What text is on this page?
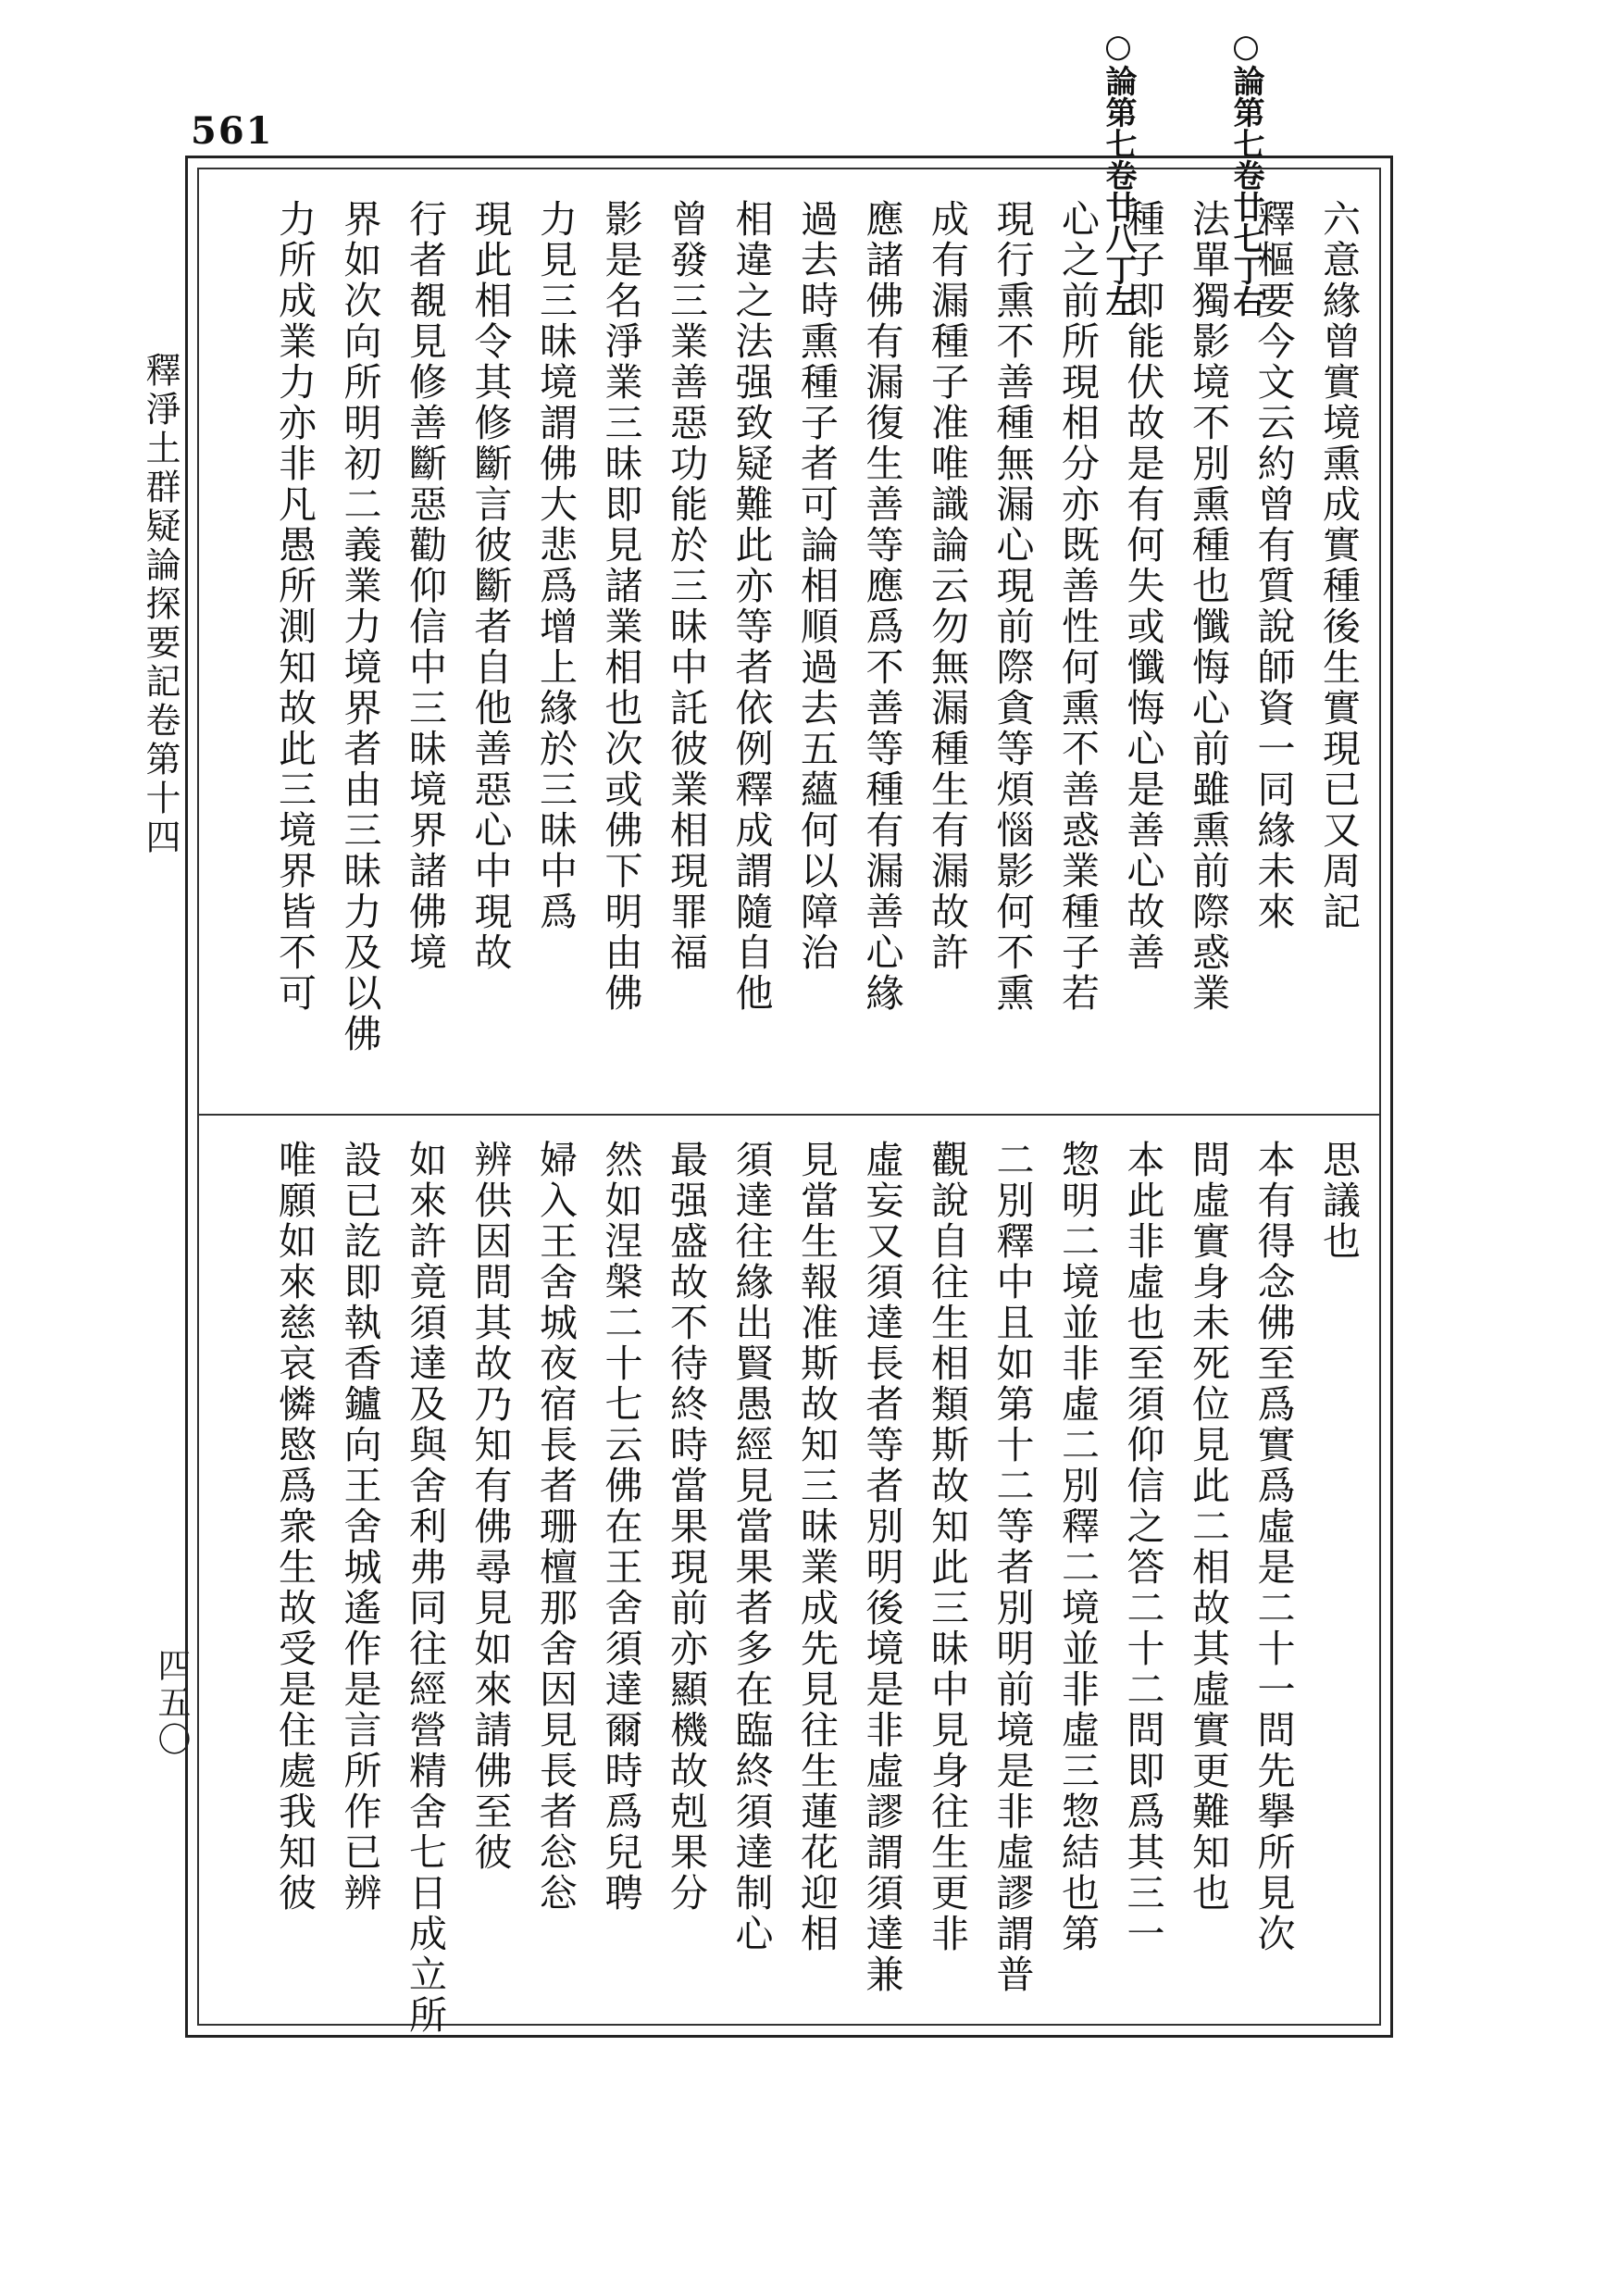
561	○論第七卷廿七丁右
○論第七卷廿八丁左
釋淨土群疑論探要記卷第十四
四五〇
六意緣曾實境熏成實種後生實現已又周記
釋樞要今文云約曾有質說師資一同緣未來
法單獨影境不別熏種也懺悔心前雖熏前際惑業
種子即能伏故是有何失或懺悔心是善心故善
心之前所現相分亦既善性何熏不善惑業種子若
現行熏不善種無漏心現前際貪等煩惱影何不熏
成有漏種子准唯識論云勿無漏種生有漏故許
應諸佛有漏復生善等應爲不善等種有漏善心緣
過去時熏種子者可論相順過去五蘊何以障治
相違之法强致疑難此亦等者依例釋成謂隨自他
曾發三業善惡功能於三昧中託彼業相現罪福
影是名淨業三昧即見諸業相也次或佛下明由佛
力見三昧境謂佛大悲爲增上緣於三昧中爲
現此相令其修斷言彼斷者自他善惡心中現故
行者覩見修善斷惡勸仰信中三昧境界諸佛境
界如次向所明初二義業力境界者由三昧力及以佛
力所成業力亦非凡愚所測知故此三境界皆不可
思議也
本有得念佛至爲實爲虛是二十一問先擧所見次
問虛實身未死位見此二相故其虛實更難知也
本此非虛也至須仰信之答二十二問即爲其三一
惣明二境並非虛二別釋二境並非虛三惣結也第
二別釋中且如第十二等者別明前境是非虛謬謂普
觀說自往生相類斯故知此三昧中見身往生更非
虛妄又須達長者等者別明後境是非虛謬謂須達兼
見當生報准斯故知三昧業成先見往生蓮花迎相
須達往緣出賢愚經見當果者多在臨終須達制心
最强盛故不待終時當果現前亦顯機故剋果分
然如涅槃二十七云佛在王舍須達爾時爲兒聘
婦入王舍城夜宿長者珊檀那舍因見長者忩忩
辨供因問其故乃知有佛尋見如來請佛至彼
如來許竟須達及與舍利弗同往經營精舍七日成立所
設已訖即執香鑪向王舍城遙作是言所作已辨
唯願如來慈哀憐愍爲衆生故受是住處我知彼
